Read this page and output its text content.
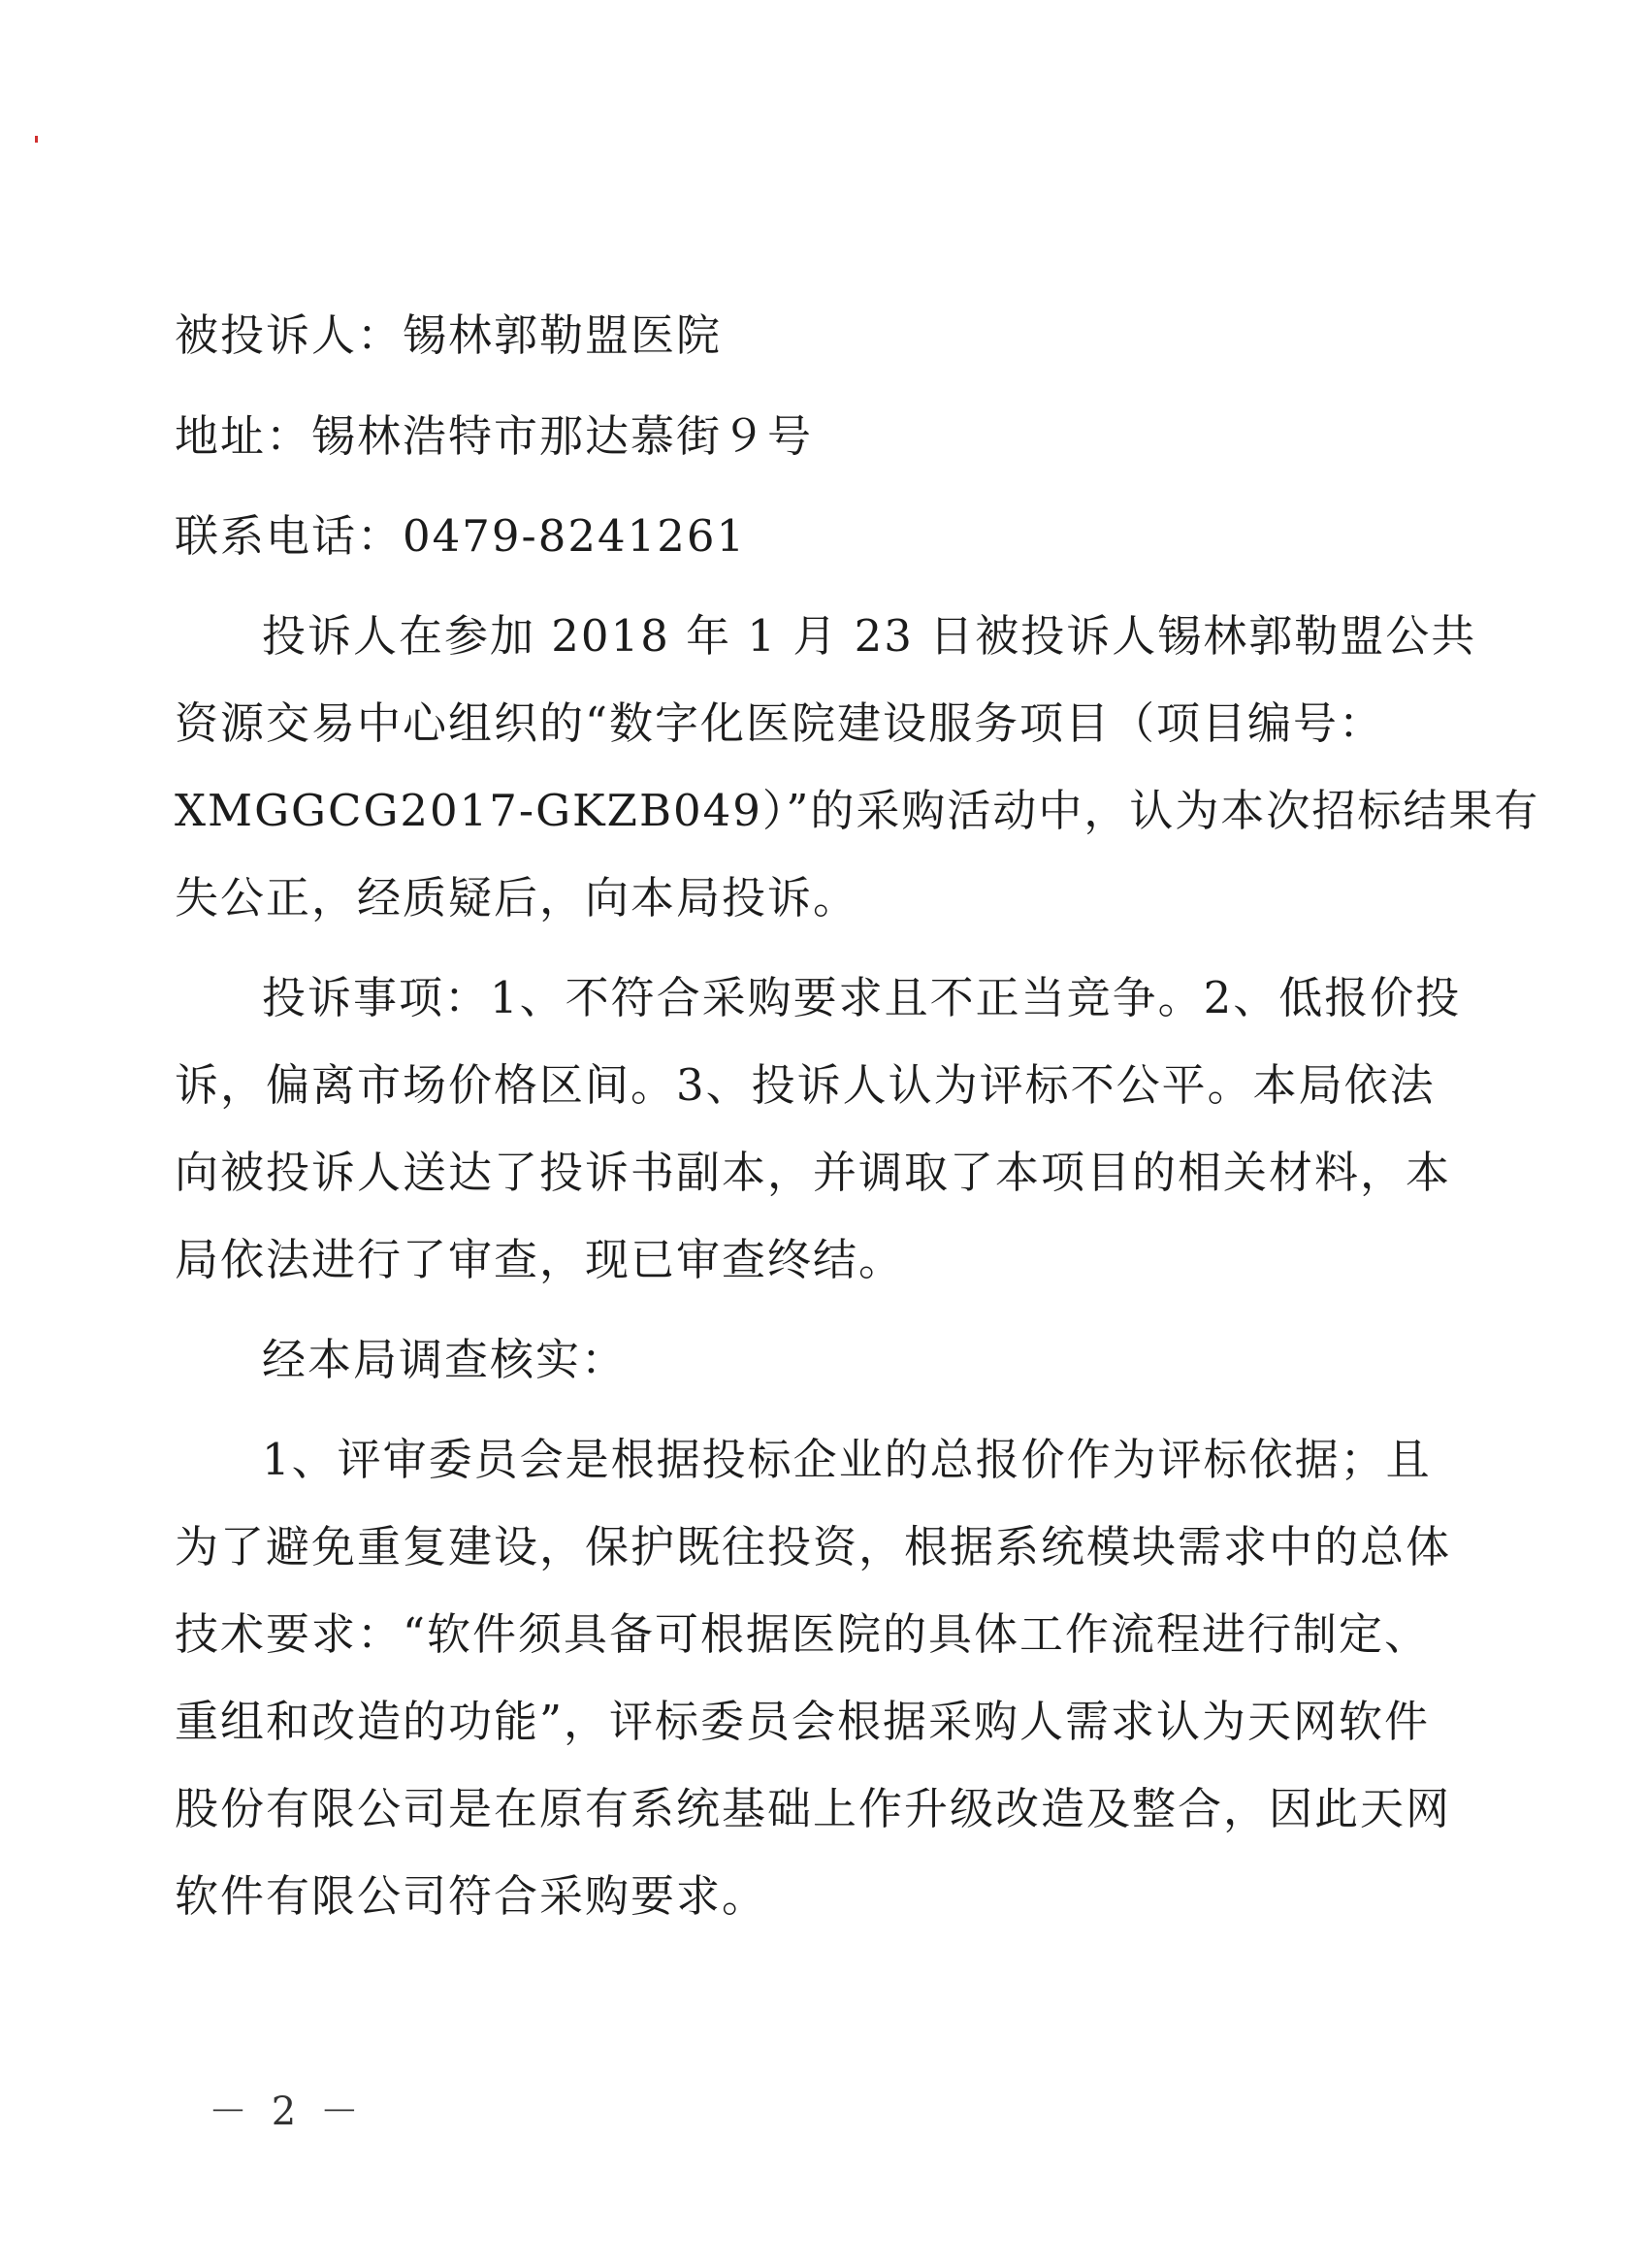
被投诉人：锡林郭勒盟医院
地址：锡林浩特市那达慕街９号
联系电话：0479-8241261
投诉人在参加 2018 年 1 月 23 日被投诉人锡林郭勒盟公共
资源交易中心组织的“数字化医院建设服务项目（项目编号：
XMGGCG2017-GKZB049）”的采购活动中，认为本次招标结果有
失公正，经质疑后，向本局投诉。
投诉事项：1、不符合采购要求且不正当竞争。2、低报价投
诉，偏离市场价格区间。3、投诉人认为评标不公平。本局依法
向被投诉人送达了投诉书副本，并调取了本项目的相关材料，本
局依法进行了审查，现已审查终结。
经本局调查核实：
1、评审委员会是根据投标企业的总报价作为评标依据；且
为了避免重复建设，保护既往投资，根据系统模块需求中的总体
技术要求：“软件须具备可根据医院的具体工作流程进行制定、
重组和改造的功能”，评标委员会根据采购人需求认为天网软件
股份有限公司是在原有系统基础上作升级改造及整合，因此天网
软件有限公司符合采购要求。
－ 2 －
